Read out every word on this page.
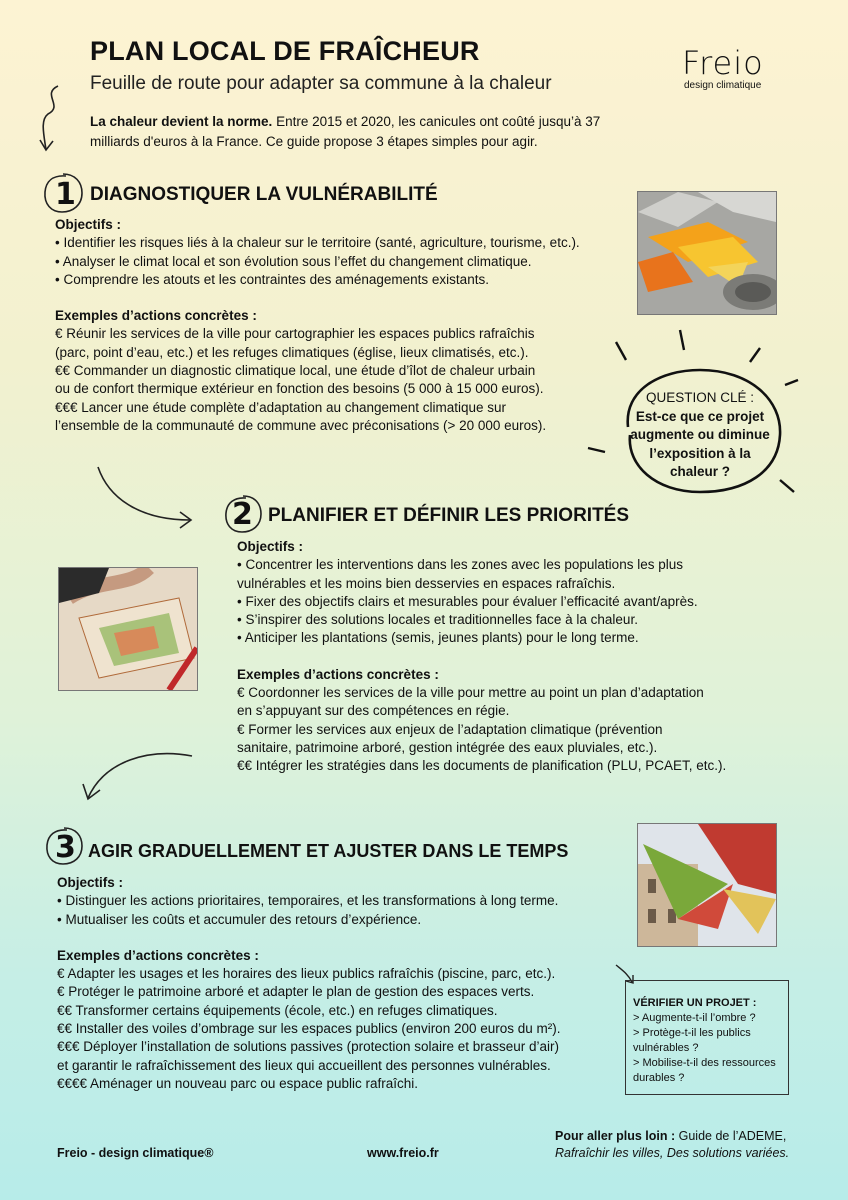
PLAN LOCAL DE FRAÎCHEUR
Feuille de route pour adapter sa commune à la chaleur
Freio
design climatique
La chaleur devient la norme. Entre 2015 et 2020, les canicules ont coûté jusqu’à 37 milliards d'euros à la France. Ce guide propose 3 étapes simples pour agir.
1 DIAGNOSTIQUER LA VULNÉRABILITÉ
Objectifs :
• Identifier les risques liés à la chaleur sur le territoire (santé, agriculture, tourisme, etc.).
• Analyser le climat local et son évolution sous l’effet du changement climatique.
• Comprendre les atouts et les contraintes des aménagements existants.
Exemples d’actions concrètes :
€ Réunir les services de la ville pour cartographier les espaces publics rafraîchis
(parc, point d’eau, etc.) et les refuges climatiques (église, lieux climatisés, etc.).
€€ Commander un diagnostic climatique local, une étude d’îlot de chaleur urbain
ou de confort thermique extérieur en fonction des besoins (5 000 à 15 000 euros).
€€€ Lancer une étude complète d’adaptation au changement climatique sur
l’ensemble de la communauté de commune avec préconisations (> 20 000 euros).
QUESTION CLÉ :
Est-ce que ce projet augmente ou diminue l’exposition à la chaleur ?
2 PLANIFIER ET DÉFINIR LES PRIORITÉS
Objectifs :
• Concentrer les interventions dans les zones avec les populations les plus
vulnérables et les moins bien desservies en espaces rafraîchis.
• Fixer des objectifs clairs et mesurables pour évaluer l’efficacité avant/après.
• S’inspirer des solutions locales et traditionnelles face à la chaleur.
• Anticiper les plantations (semis, jeunes plants) pour le long terme.
Exemples d’actions concrètes :
€ Coordonner les services de la ville pour mettre au point un plan d’adaptation
en s’appuyant sur des compétences en régie.
€ Former les services aux enjeux de l’adaptation climatique (prévention
sanitaire, patrimoine arboré, gestion intégrée des eaux pluviales, etc.).
€€ Intégrer les stratégies dans les documents de planification (PLU, PCAET, etc.).
3 AGIR GRADUELLEMENT ET AJUSTER DANS LE TEMPS
Objectifs :
• Distinguer les actions prioritaires, temporaires, et les transformations à long terme.
• Mutualiser les coûts et accumuler des retours d’expérience.
Exemples d’actions concrètes :
€ Adapter les usages et les horaires des lieux publics rafraîchis (piscine, parc, etc.).
€ Protéger le patrimoine arboré et adapter le plan de gestion des espaces verts.
€€ Transformer certains équipements (école, etc.) en refuges climatiques.
€€ Installer des voiles d’ombrage sur les espaces publics (environ 200 euros du m²).
€€€ Déployer l’installation de solutions passives (protection solaire et brasseur d’air)
et garantir le rafraîchissement des lieux qui accueillent des personnes vulnérables.
€€€€ Aménager un nouveau parc ou espace public rafraîchi.
VÉRIFIER UN PROJET :
> Augmente-t-il l’ombre ?
> Protège-t-il les publics vulnérables ?
> Mobilise-t-il des ressources durables ?
Freio - design climatique®	www.freio.fr
Pour aller plus loin : Guide de l’ADEME,
Rafraîchir les villes, Des solutions variées.
